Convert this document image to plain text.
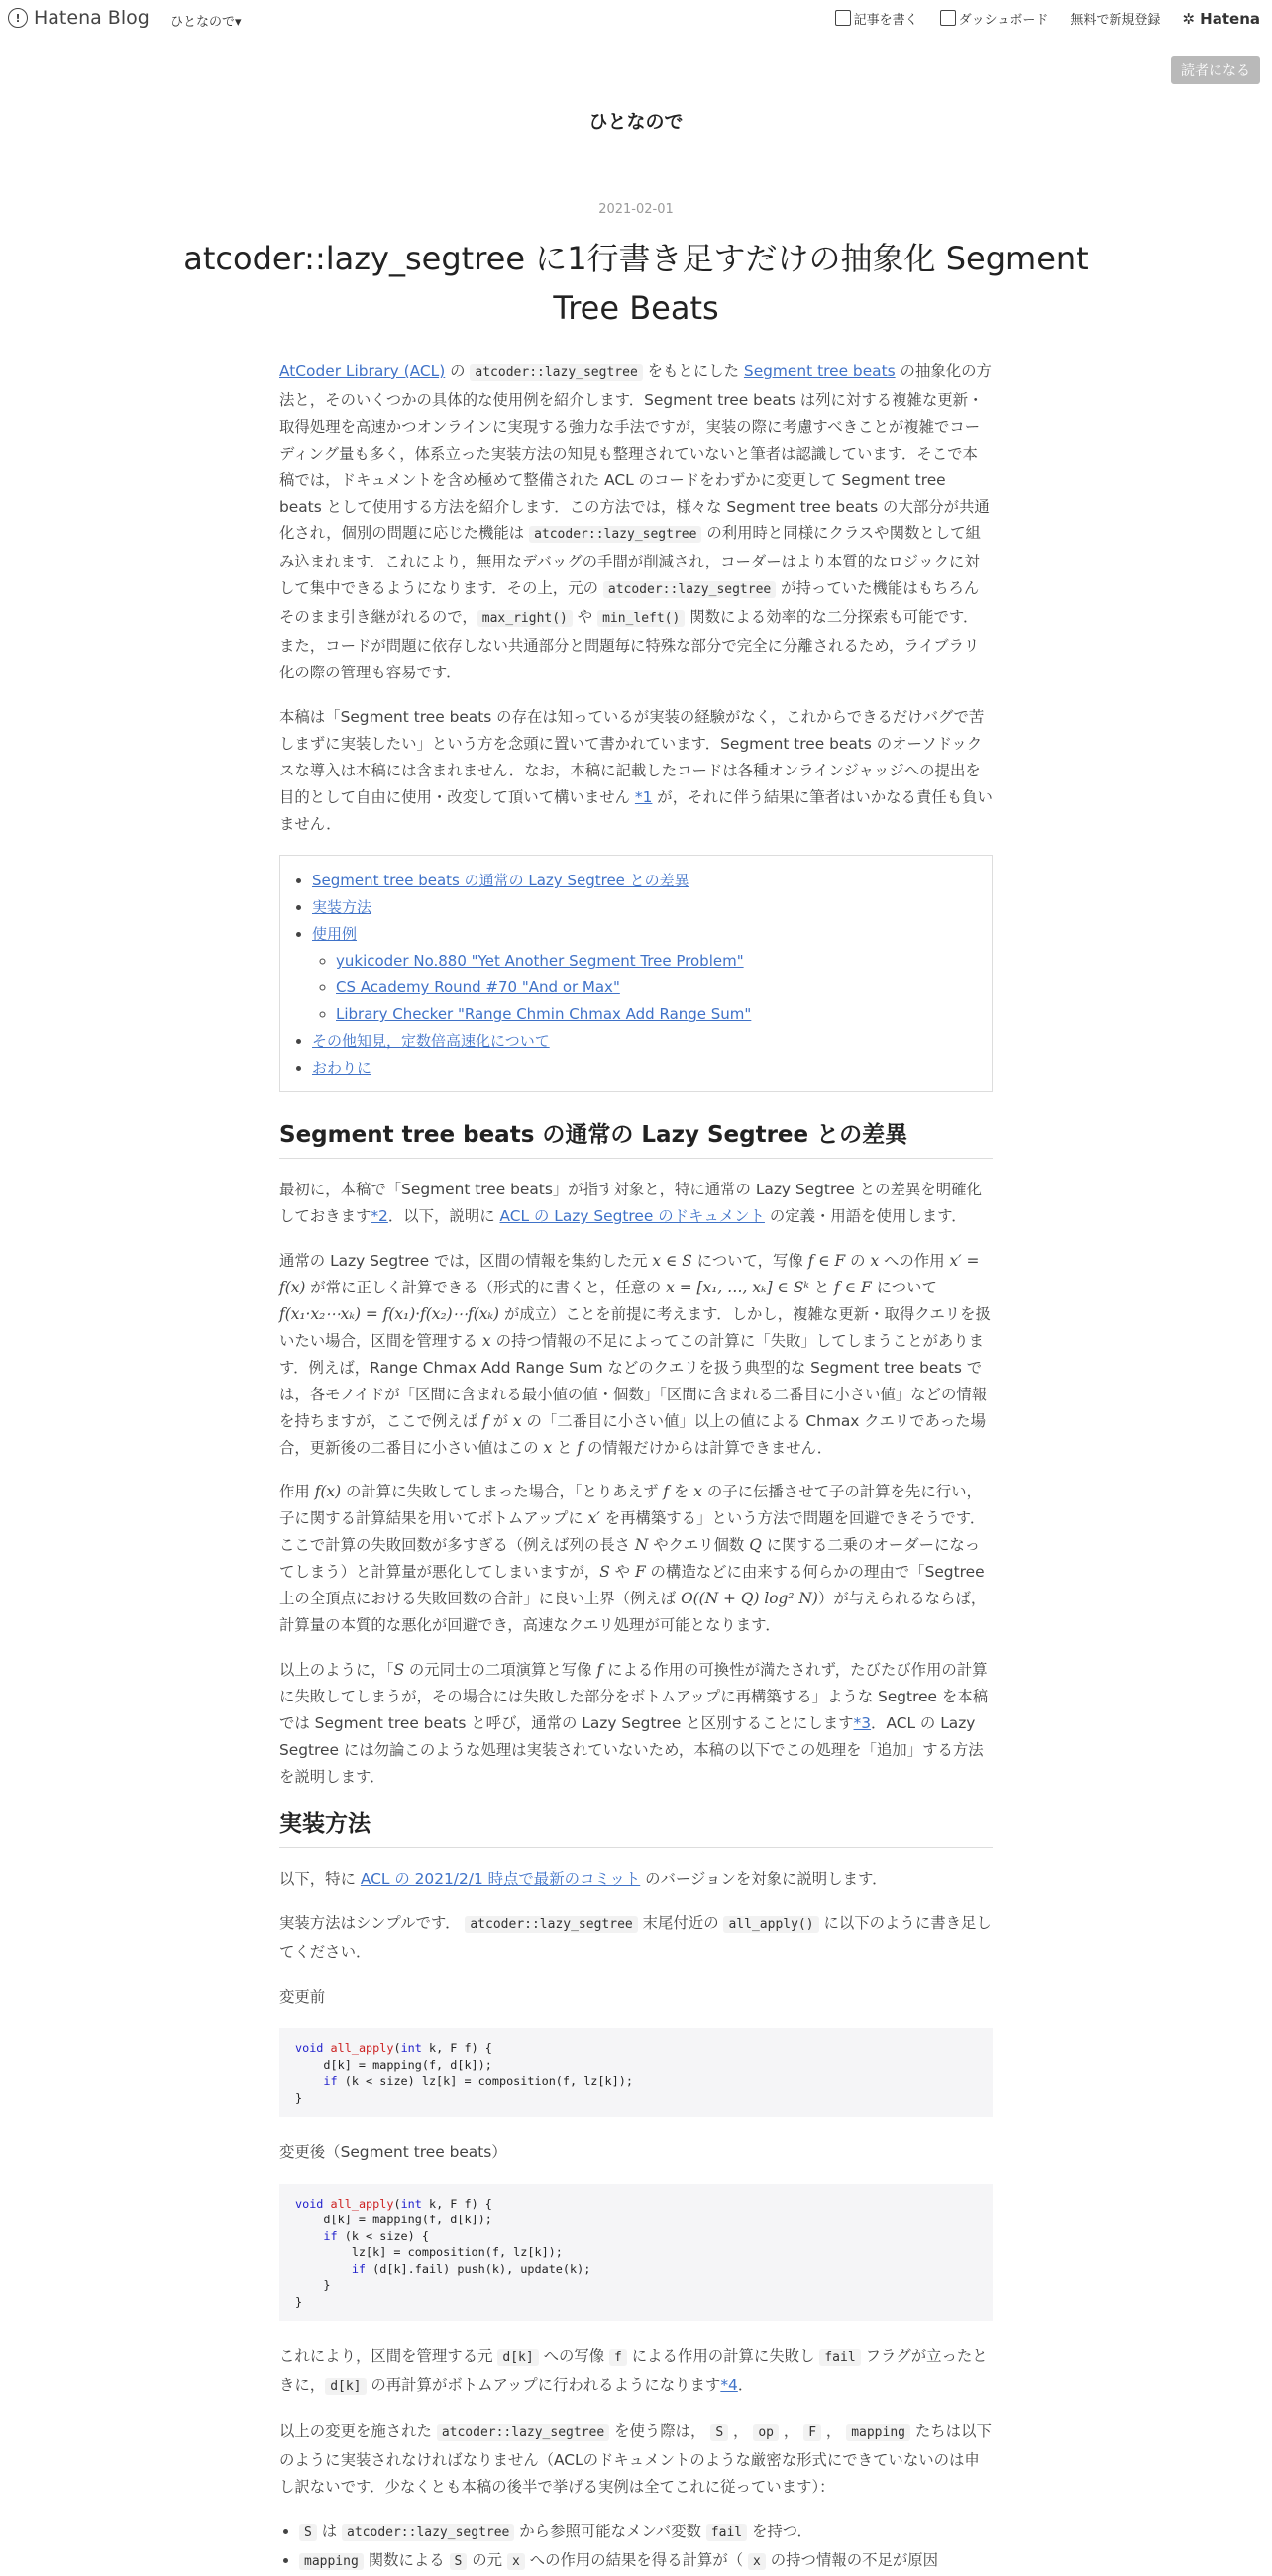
! Hatena Blog ひとなので▾	記事を書く	ダッシュボード 無料で新規登録 ✲ Hatena
読者になる
ひとなので
2021-02-01
atcoder::lazy_segtree に1行書き足すだけの抽象化 Segment Tree Beats

AtCoder Library (ACL) の atcoder::lazy_segtree をもとにした Segment tree beats の抽象化の方法と，そのいくつかの具体的な使用例を紹介します．Segment tree beats は列に対する複雑な更新・取得処理を高速かつオンラインに実現する強力な手法ですが，実装の際に考慮すべきことが複雑でコーディング量も多く，体系立った実装方法の知見も整理されていないと筆者は認識しています．そこで本稿では，ドキュメントを含め極めて整備された ACL のコードをわずかに変更して Segment tree beats として使用する方法を紹介します．この方法では，様々な Segment tree beats の大部分が共通化され，個別の問題に応じた機能は atcoder::lazy_segtree の利用時と同様にクラスや関数として組み込まれます．これにより，無用なデバッグの手間が削減され，コーダーはより本質的なロジックに対して集中できるようになります．その上，元の atcoder::lazy_segtree が持っていた機能はもちろんそのまま引き継がれるので， max_right() や min_left() 関数による効率的な二分探索も可能です．また，コードが問題に依存しない共通部分と問題毎に特殊な部分で完全に分離されるため，ライブラリ化の際の管理も容易です．

本稿は「Segment tree beats の存在は知っているが実装の経験がなく，これからできるだけバグで苦しまずに実装したい」という方を念頭に置いて書かれています．Segment tree beats のオーソドックスな導入は本稿には含まれません．なお，本稿に記載したコードは各種オンラインジャッジへの提出を目的として自由に使用・改変して頂いて構いません *1 が，それに伴う結果に筆者はいかなる責任も負いません．

• Segment tree beats の通常の Lazy Segtree との差異
• 実装方法
• 使用例
◦ yukicoder No.880 "Yet Another Segment Tree Problem"
◦ CS Academy Round #70 "And or Max"
◦ Library Checker "Range Chmin Chmax Add Range Sum"
• その他知見，定数倍高速化について
• おわりに
Segment tree beats の通常の Lazy Segtree との差異

最初に，本稿で「Segment tree beats」が指す対象と，特に通常の Lazy Segtree との差異を明確化しておきます*2．以下，説明に ACL の Lazy Segtree のドキュメント の定義・用語を使用します．

通常の Lazy Segtree では，区間の情報を集約した元 x ∈ S について，写像 f ∈ F の x への作用 x′ = f(x) が常に正しく計算できる（形式的に書くと，任意の x = [x₁, …, xₖ] ∈ Sᵏ と f ∈ F について f(x₁·x₂⋯xₖ) = f(x₁)·f(x₂)⋯f(xₖ) が成立）ことを前提に考えます．しかし，複雑な更新・取得クエリを扱いたい場合，区間を管理する x の持つ情報の不足によってこの計算に「失敗」してしまうことがあります．例えば，Range Chmax Add Range Sum などのクエリを扱う典型的な Segment tree beats では，各モノイドが「区間に含まれる最小値の値・個数」「区間に含まれる二番目に小さい値」などの情報を持ちますが，ここで例えば f が x の「二番目に小さい値」以上の値による Chmax クエリであった場合，更新後の二番目に小さい値はこの x と f の情報だけからは計算できません．

作用 f(x) の計算に失敗してしまった場合，「とりあえず f を x の子に伝播させて子の計算を先に行い，子に関する計算結果を用いてボトムアップに x′ を再構築する」という方法で問題を回避できそうです．ここで計算の失敗回数が多すぎる（例えば列の長さ N やクエリ個数 Q に関する二乗のオーダーになってしまう）と計算量が悪化してしまいますが，S や F の構造などに由来する何らかの理由で「Segtree 上の全頂点における失敗回数の合計」に良い上界（例えば O((N + Q) log² N)）が与えられるならば，計算量の本質的な悪化が回避でき，高速なクエリ処理が可能となります．

以上のように，「S の元同士の二項演算と写像 f による作用の可換性が満たされず，たびたび作用の計算に失敗してしまうが，その場合には失敗した部分をボトムアップに再構築する」ような Segtree を本稿では Segment tree beats と呼び，通常の Lazy Segtree と区別することにします*3．ACL の Lazy Segtree には勿論このような処理は実装されていないため，本稿の以下でこの処理を「追加」する方法を説明します．

実装方法

以下，特に ACL の 2021/2/1 時点で最新のコミット のバージョンを対象に説明します．

実装方法はシンプルです． atcoder::lazy_segtree 末尾付近の all_apply() に以下のように書き足してください．

変更前

void all_apply(int k, F f) {
d[k] = mapping(f, d[k]);
if (k < size) lz[k] = composition(f, lz[k]);
}

変更後（Segment tree beats）

void all_apply(int k, F f) {
d[k] = mapping(f, d[k]);
if (k < size) {
lz[k] = composition(f, lz[k]);
if (d[k].fail) push(k), update(k);
}
}

これにより，区間を管理する元 d[k] への写像 f による作用の計算に失敗し fail フラグが立ったときに， d[k] の再計算がボトムアップに行われるようになります*4．

以上の変更を施された atcoder::lazy_segtree を使う際は， S ， op ， F ， mapping たちは以下のように実装されなければなりません（ACLのドキュメントのような厳密な形式にできていないのは申し訳ないです．少なくとも本稿の後半で挙げる実例は全てこれに従っています）：

• S は atcoder::lazy_segtree から参照可能なメンバ変数 fail を持つ．
• mapping 関数による S の元 x への作用の結果を得る計算が（ x の持つ情報の不足が原因
